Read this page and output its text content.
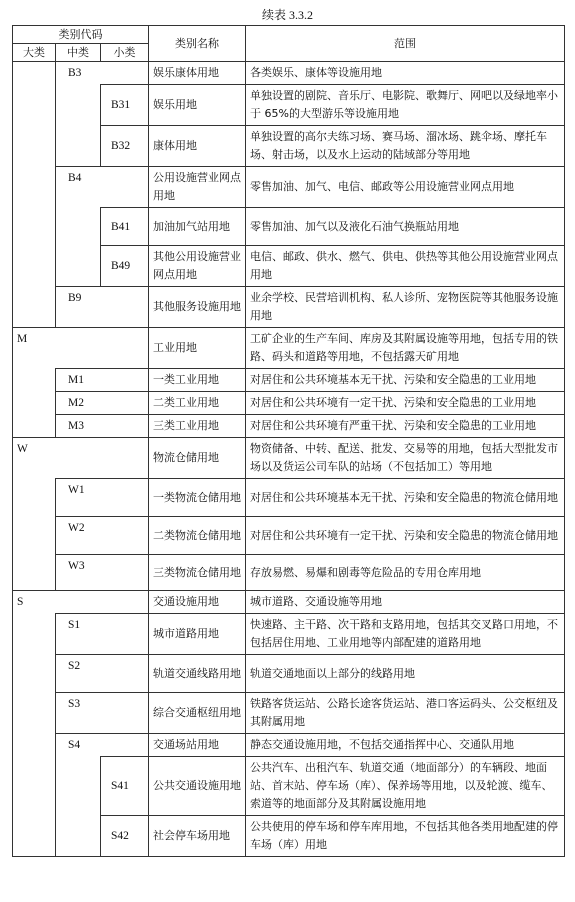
续表 3.3.2
类别代码			类别名称	范围
大类	中类	小类		
	B3		娱乐康体用地	各类娱乐、康体等设施用地
		B31	娱乐用地	单独设置的剧院、音乐厅、电影院、歌舞厅、网吧以及绿地率小于 65%的大型游乐等设施用地
		B32	康体用地	单独设置的高尔夫练习场、赛马场、溜冰场、跳伞场、摩托车场、射击场，以及水上运动的陆域部分等用地
	B4		公用设施营业网点用地	零售加油、加气、电信、邮政等公用设施营业网点用地
		B41	加油加气站用地	零售加油、加气以及液化石油气换瓶站用地
		B49	其他公用设施营业网点用地	电信、邮政、供水、燃气、供电、供热等其他公用设施营业网点用地
	B9		其他服务设施用地	业余学校、民营培训机构、私人诊所、宠物医院等其他服务设施用地
M			工业用地	工矿企业的生产车间、库房及其附属设施等用地，包括专用的铁路、码头和道路等用地，不包括露天矿用地
	M1		一类工业用地	对居住和公共环境基本无干扰、污染和安全隐患的工业用地
	M2		二类工业用地	对居住和公共环境有一定干扰、污染和安全隐患的工业用地
	M3		三类工业用地	对居住和公共环境有严重干扰、污染和安全隐患的工业用地
W			物流仓储用地	物资储备、中转、配送、批发、交易等的用地，包括大型批发市场以及货运公司车队的站场（不包括加工）等用地
	W1		一类物流仓储用地	对居住和公共环境基本无干扰、污染和安全隐患的物流仓储用地
	W2		二类物流仓储用地	对居住和公共环境有一定干扰、污染和安全隐患的物流仓储用地
	W3		三类物流仓储用地	存放易燃、易爆和剧毒等危险品的专用仓库用地
S			交通设施用地	城市道路、交通设施等用地
	S1		城市道路用地	快速路、主干路、次干路和支路用地，包括其交叉路口用地，不包括居住用地、工业用地等内部配建的道路用地
	S2		轨道交通线路用地	轨道交通地面以上部分的线路用地
	S3		综合交通枢纽用地	铁路客货运站、公路长途客货运站、港口客运码头、公交枢纽及其附属用地
	S4		交通场站用地	静态交通设施用地，不包括交通指挥中心、交通队用地
		S41	公共交通设施用地	公共汽车、出租汽车、轨道交通（地面部分）的车辆段、地面站、首末站、停车场（库）、保养场等用地，以及轮渡、缆车、索道等的地面部分及其附属设施用地
		S42	社会停车场用地	公共使用的停车场和停车库用地，不包括其他各类用地配建的停车场（库）用地
